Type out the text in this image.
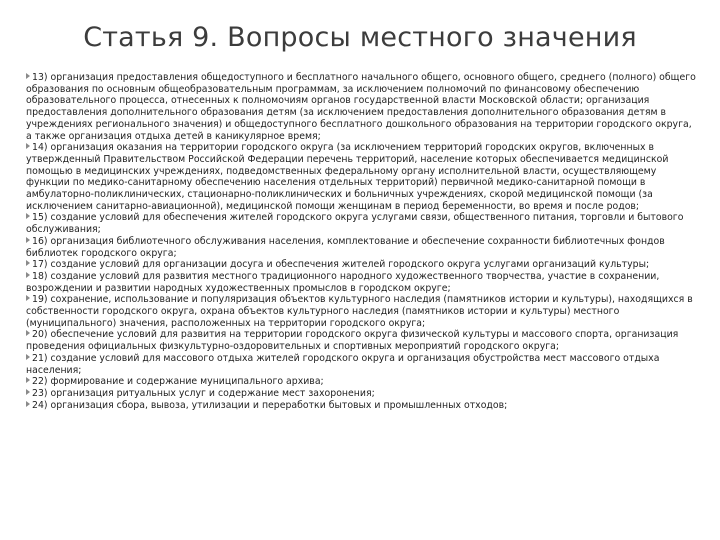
Статья 9. Вопросы местного значения

13) организация предоставления общедоступного и бесплатного начального общего, основного общего, среднего (полного) общего образования по основным общеобразовательным программам, за исключением полномочий по финансовому обеспечению образовательного процесса, отнесенных к полномочиям органов государственной власти Московской области; организация предоставления дополнительного образования детям (за исключением предоставления дополнительного образования детям в учреждениях регионального значения) и общедоступного бесплатного дошкольного образования на территории городского округа, а также организация отдыха детей в каникулярное время;

14) организация оказания на территории городского округа (за исключением территорий городских округов, включенных в утвержденный Правительством Российской Федерации перечень территорий, население которых обеспечивается медицинской помощью в медицинских учреждениях, подведомственных федеральному органу исполнительной власти, осуществляющему функции по медико-санитарному обеспечению населения отдельных территорий) первичной медико-санитарной помощи в амбулаторно-поликлинических, стационарно-поликлинических и больничных учреждениях, скорой медицинской помощи (за исключением санитарно-авиационной), медицинской помощи женщинам в период беременности, во время и после родов;

15) создание условий для обеспечения жителей городского округа услугами связи, общественного питания, торговли и бытового обслуживания;

16) организация библиотечного обслуживания населения, комплектование и обеспечение сохранности библиотечных фондов библиотек городского округа;

17) создание условий для организации досуга и обеспечения жителей городского округа услугами организаций культуры;

18) создание условий для развития местного традиционного народного художественного творчества, участие в сохранении, возрождении и развитии народных художественных промыслов в городском округе;

19) сохранение, использование и популяризация объектов культурного наследия (памятников истории и культуры), находящихся в собственности городского округа, охрана объектов культурного наследия (памятников истории и культуры) местного (муниципального) значения, расположенных на территории городского округа;

20) обеспечение условий для развития на территории городского округа физической культуры и массового спорта, организация проведения официальных физкультурно-оздоровительных и спортивных мероприятий городского округа;

21) создание условий для массового отдыха жителей городского округа и организация обустройства мест массового отдыха населения;

22) формирование и содержание муниципального архива;

23) организация ритуальных услуг и содержание мест захоронения;

24) организация сбора, вывоза, утилизации и переработки бытовых и промышленных отходов;
